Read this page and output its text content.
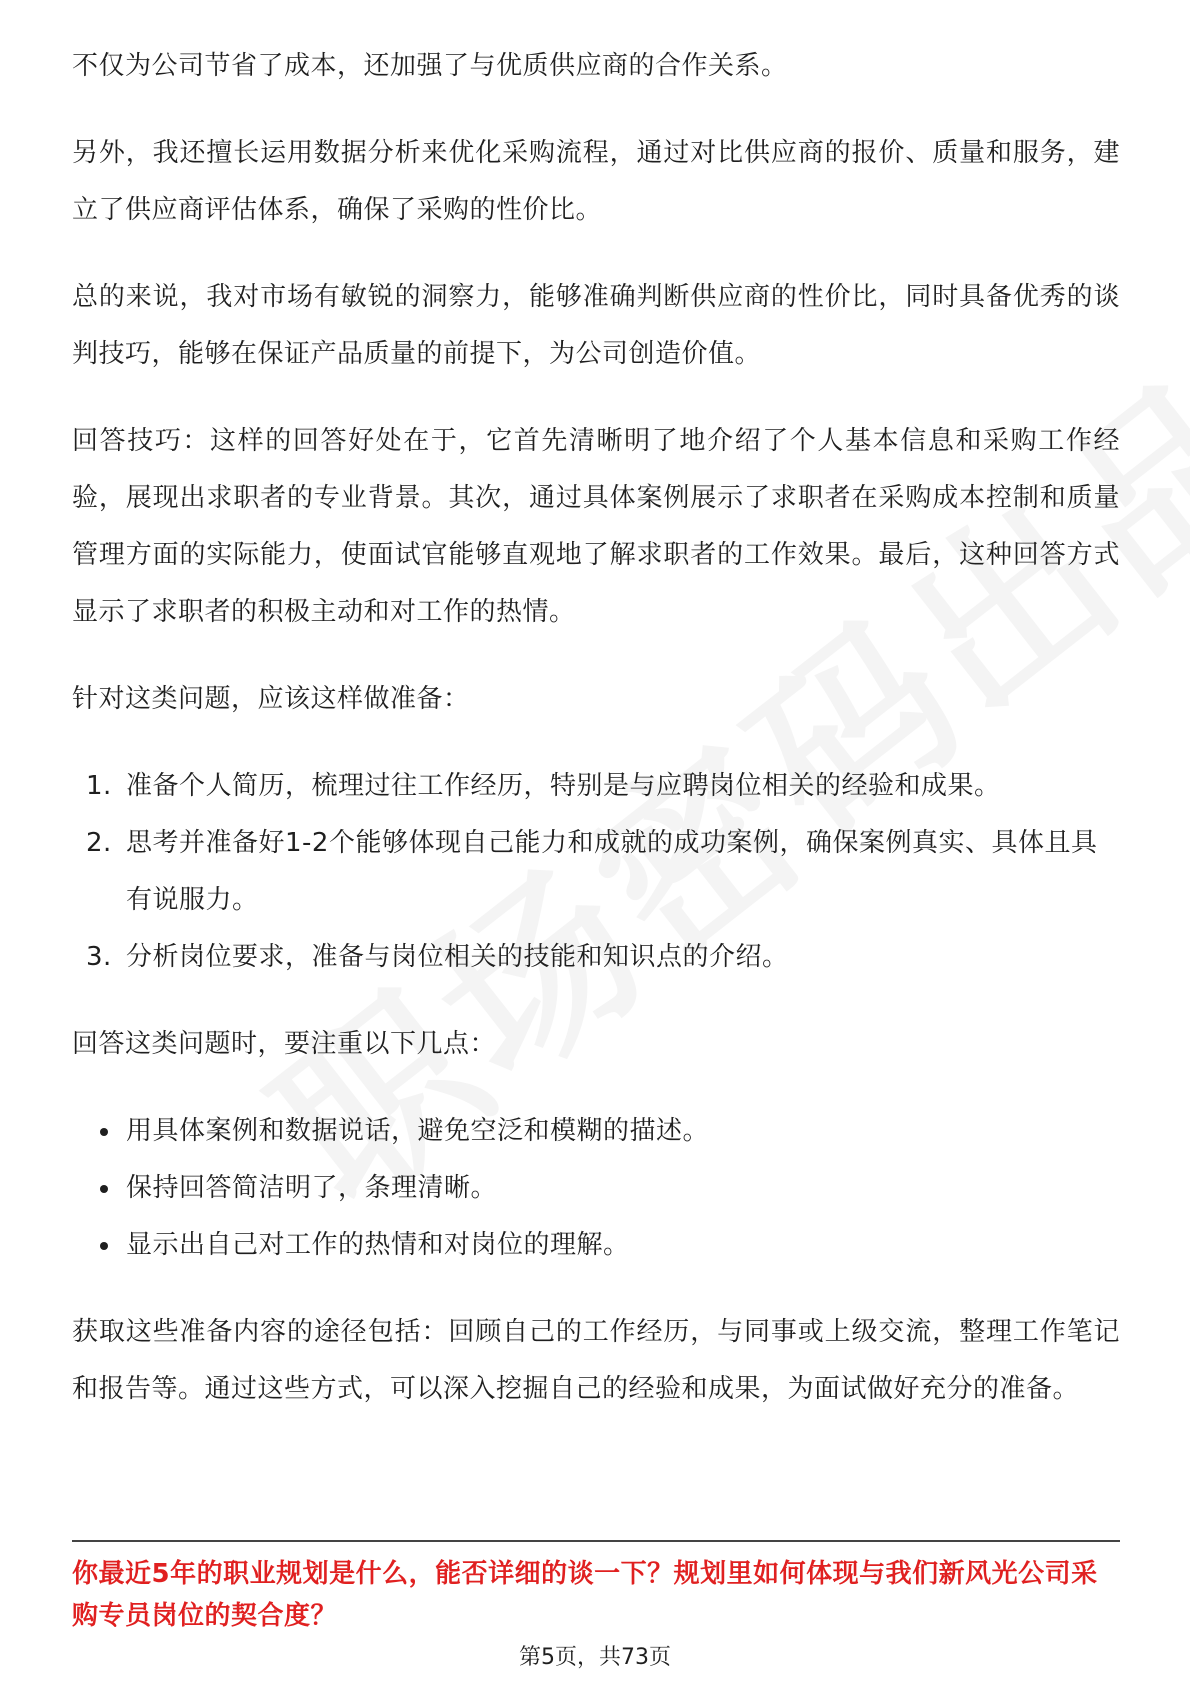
不仅为公司节省了成本，还加强了与优质供应商的合作关系。

另外，我还擅长运用数据分析来优化采购流程，通过对比供应商的报价、质量和服务，建立了供应商评估体系，确保了采购的性价比。

总的来说，我对市场有敏锐的洞察力，能够准确判断供应商的性价比，同时具备优秀的谈判技巧，能够在保证产品质量的前提下，为公司创造价值。

回答技巧：这样的回答好处在于，它首先清晰明了地介绍了个人基本信息和采购工作经验，展现出求职者的专业背景。其次，通过具体案例展示了求职者在采购成本控制和质量管理方面的实际能力，使面试官能够直观地了解求职者的工作效果。最后，这种回答方式显示了求职者的积极主动和对工作的热情。

针对这类问题，应该这样做准备：

1. 准备个人简历，梳理过往工作经历，特别是与应聘岗位相关的经验和成果。
2. 思考并准备好1-2个能够体现自己能力和成就的成功案例，确保案例真实、具体且具有说服力。
3. 分析岗位要求，准备与岗位相关的技能和知识点的介绍。

回答这类问题时，要注重以下几点：

用具体案例和数据说话，避免空泛和模糊的描述。
保持回答简洁明了，条理清晰。
显示出自己对工作的热情和对岗位的理解。

获取这些准备内容的途径包括：回顾自己的工作经历，与同事或上级交流，整理工作笔记和报告等。通过这些方式，可以深入挖掘自己的经验和成果，为面试做好充分的准备。

你最近5年的职业规划是什么，能否详细的谈一下？规划里如何体现与我们新风光公司采购专员岗位的契合度？

第5页，共73页
